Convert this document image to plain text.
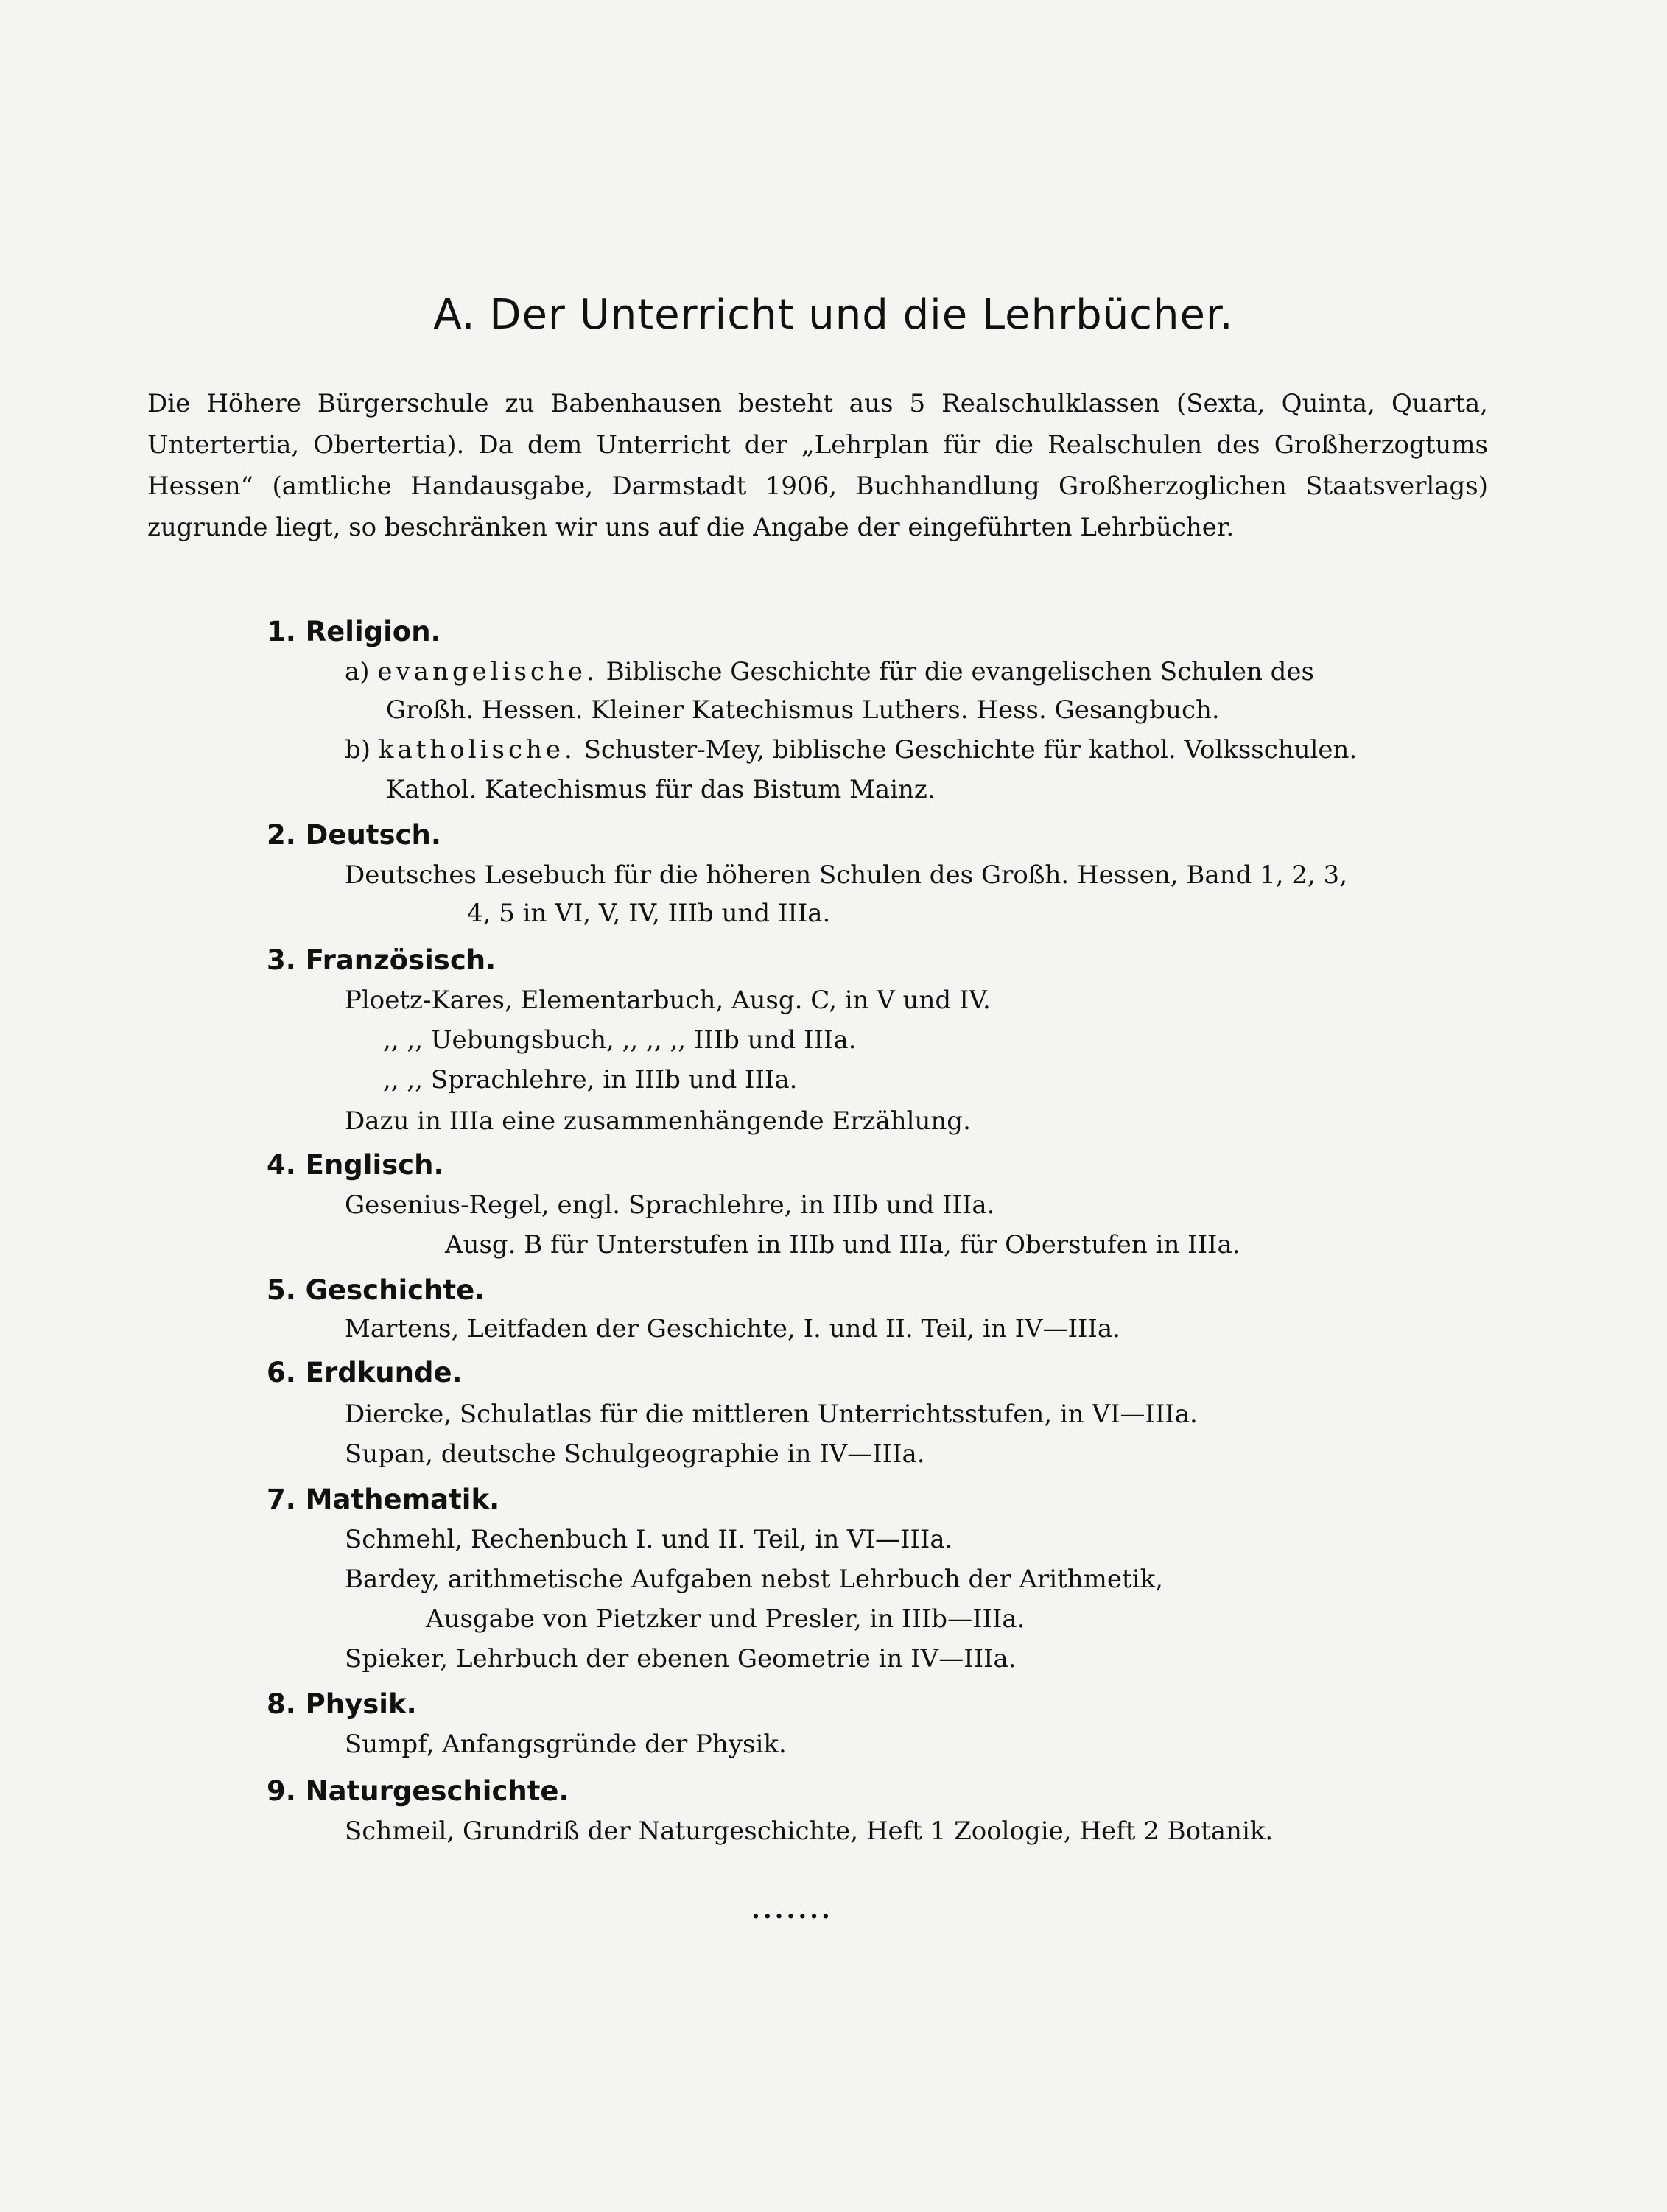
A. Der Unterricht und die Lehrbücher.
Die Höhere Bürgerschule zu Babenhausen besteht aus 5 Realschulklassen (Sexta, Quinta, Quarta, Untertertia, Obertertia). Da dem Unterricht der „Lehrplan für die Realschulen des Großherzogtums Hessen“ (amtliche Handausgabe, Darmstadt 1906, Buchhandlung Großherzoglichen Staatsverlags) zugrunde liegt, so beschränken wir uns auf die Angabe der eingeführten Lehrbücher.
1. Religion.
a) evangelische. Biblische Geschichte für die evangelischen Schulen des
Großh. Hessen. Kleiner Katechismus Luthers. Hess. Gesangbuch.
b) katholische. Schuster-Mey, biblische Geschichte für kathol. Volksschulen.
Kathol. Katechismus für das Bistum Mainz.
2. Deutsch.
Deutsches Lesebuch für die höheren Schulen des Großh. Hessen, Band 1, 2, 3,
4, 5 in VI, V, IV, IIIb und IIIa.
3. Französisch.
Ploetz-Kares, Elementarbuch, Ausg. C, in V und IV.
,, ,, Uebungsbuch, ,, ,, ,, IIIb und IIIa.
,, ,, Sprachlehre, in IIIb und IIIa.
Dazu in IIIa eine zusammenhängende Erzählung.
4. Englisch.
Gesenius-Regel, engl. Sprachlehre, in IIIb und IIIa.
Ausg. B für Unterstufen in IIIb und IIIa, für Oberstufen in IIIa.
5. Geschichte.
Martens, Leitfaden der Geschichte, I. und II. Teil, in IV—IIIa.
6. Erdkunde.
Diercke, Schulatlas für die mittleren Unterrichtsstufen, in VI—IIIa.
Supan, deutsche Schulgeographie in IV—IIIa.
7. Mathematik.
Schmehl, Rechenbuch I. und II. Teil, in VI—IIIa.
Bardey, arithmetische Aufgaben nebst Lehrbuch der Arithmetik,
Ausgabe von Pietzker und Presler, in IIIb—IIIa.
Spieker, Lehrbuch der ebenen Geometrie in IV—IIIa.
8. Physik.
Sumpf, Anfangsgründe der Physik.
9. Naturgeschichte.
Schmeil, Grundriß der Naturgeschichte, Heft 1 Zoologie, Heft 2 Botanik.
·······
